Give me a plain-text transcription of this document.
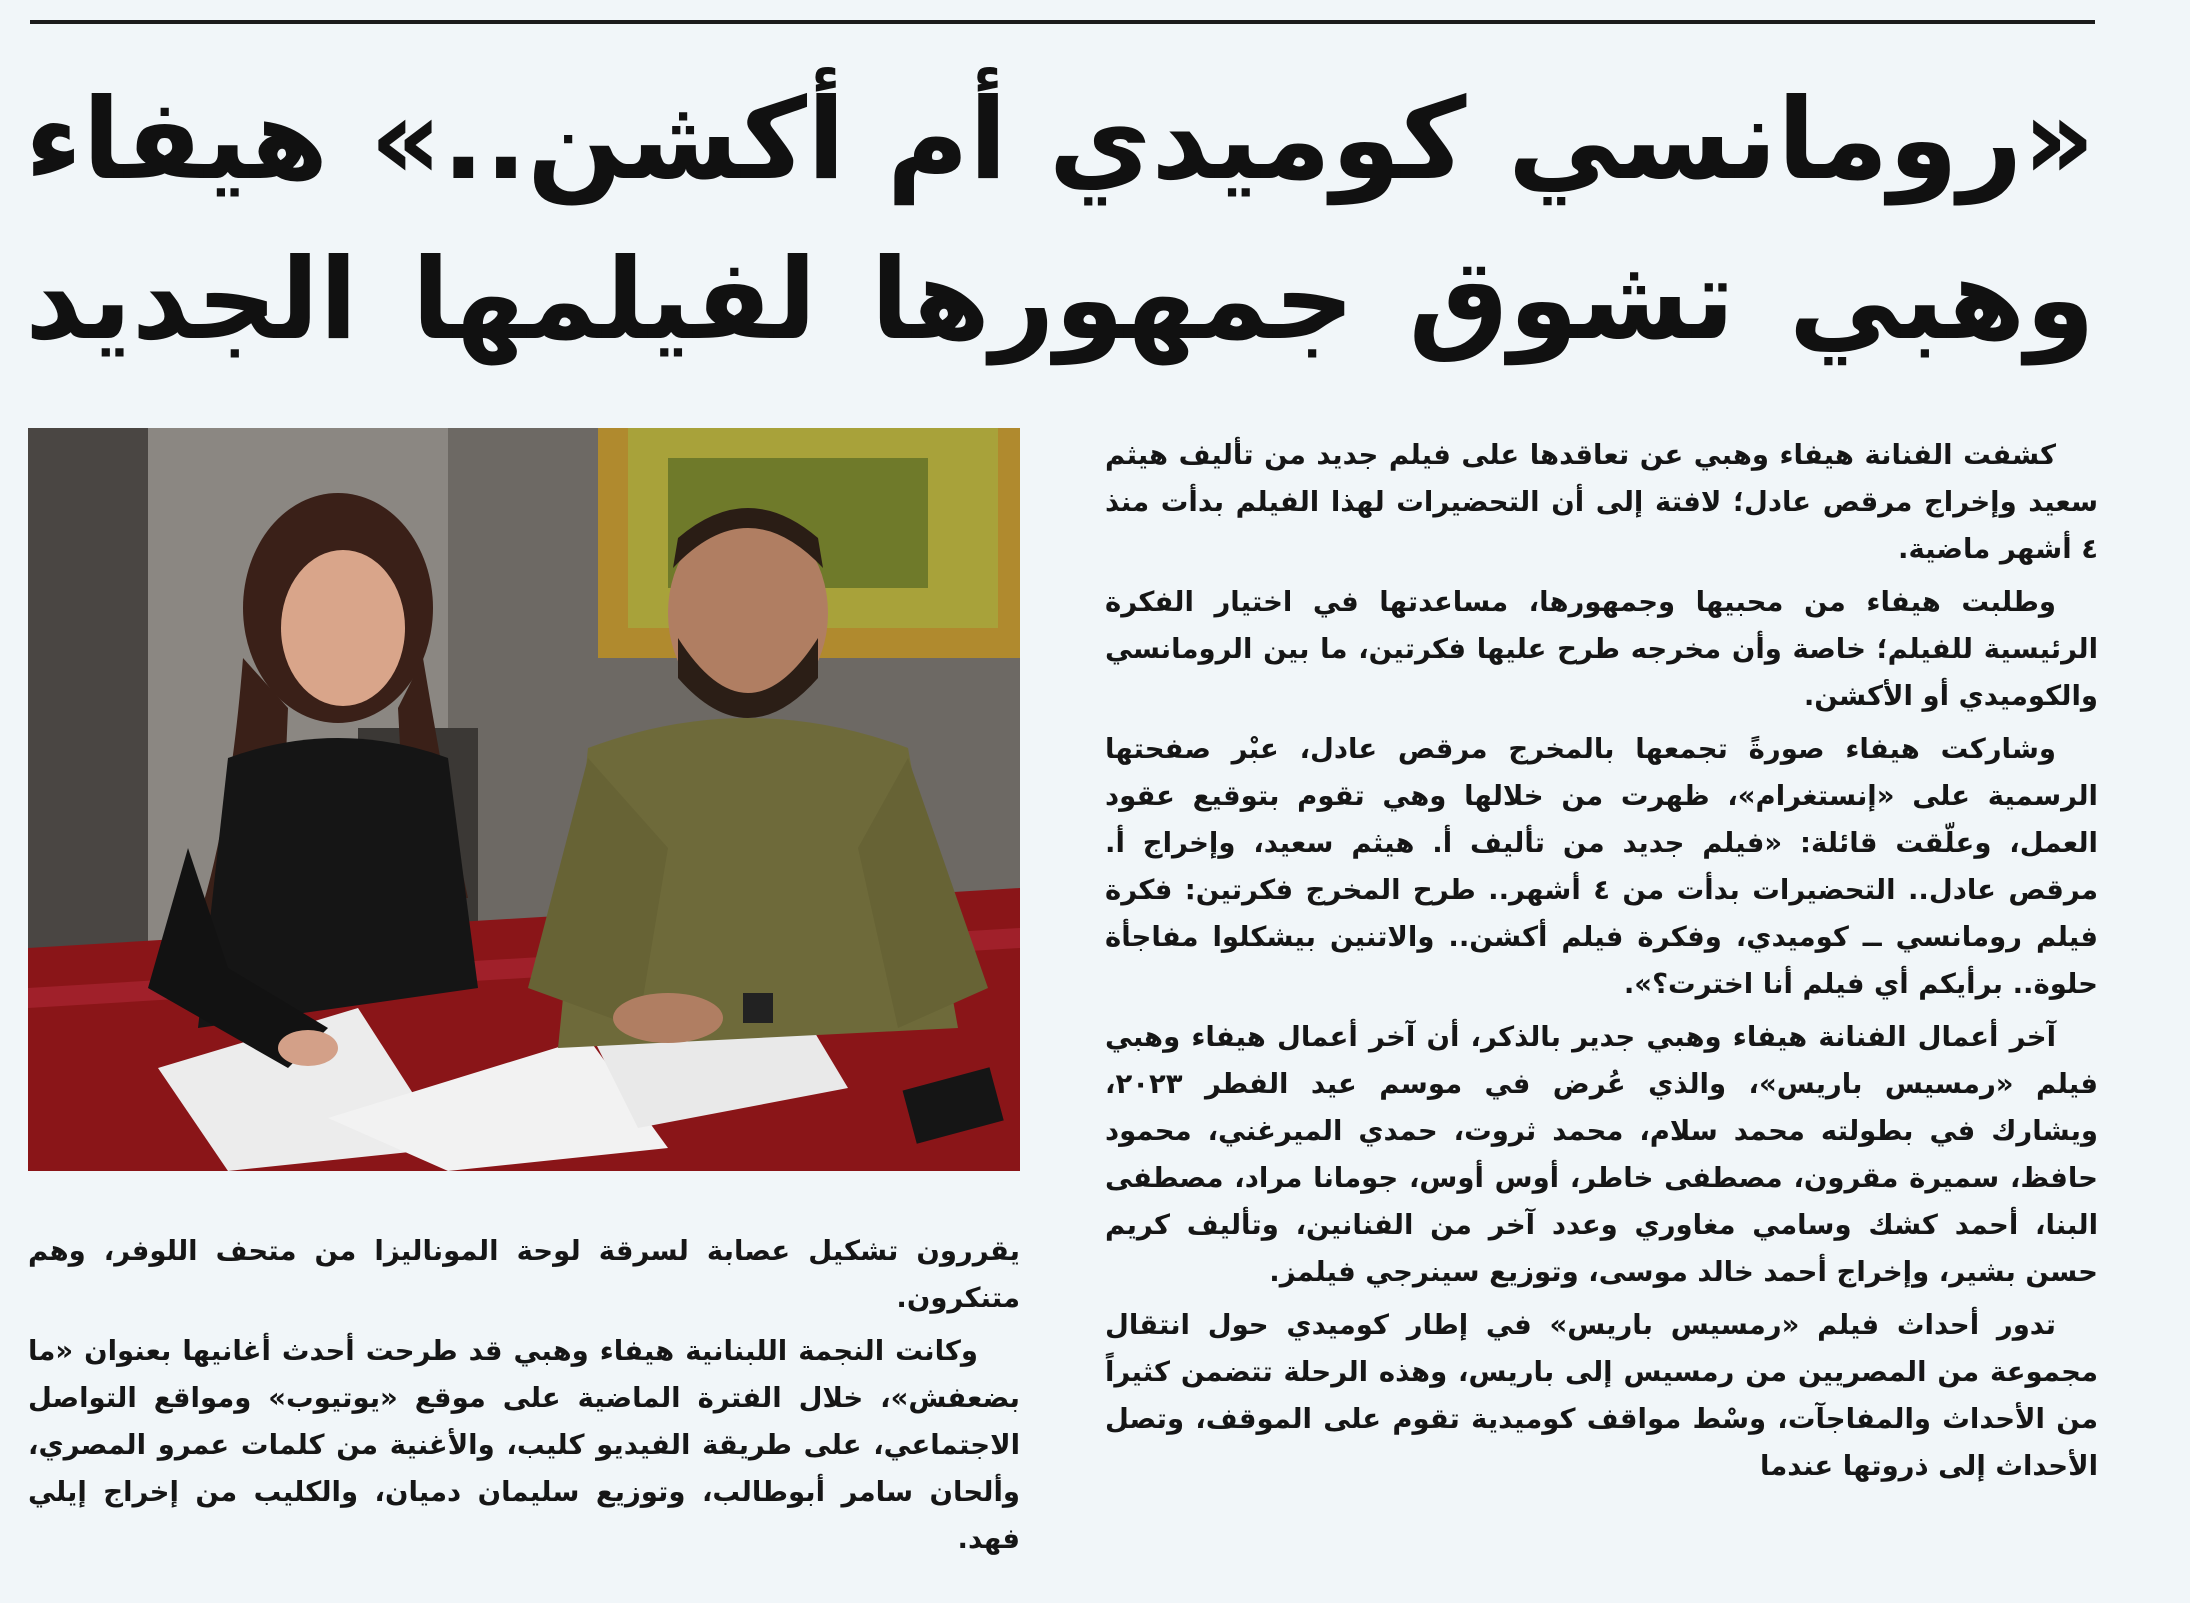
«رومانسي كوميدي أم أكشن..» هيفاء
وهبي تشوق جمهورها لفيلمها الجديد

كشفت الفنانة هيفاء وهبي عن تعاقدها على فيلم جديد من تأليف هيثم سعيد وإخراج مرقص عادل؛ لافتة إلى أن التحضيرات لهذا الفيلم بدأت منذ ٤ أشهر ماضية.

وطلبت هيفاء من محبيها وجمهورها، مساعدتها في اختيار الفكرة الرئيسية للفيلم؛ خاصة وأن مخرجه طرح عليها فكرتين، ما بين الرومانسي والكوميدي أو الأكشن.

وشاركت هيفاء صورةً تجمعها بالمخرج مرقص عادل، عبْر صفحتها الرسمية على «إنستغرام»، ظهرت من خلالها وهي تقوم بتوقيع عقود العمل، وعلّقت قائلة: «فيلم جديد من تأليف أ. هيثم سعيد، وإخراج أ. مرقص عادل.. التحضيرات بدأت من ٤ أشهر.. طرح المخرج فكرتين: فكرة فيلم رومانسي ــ كوميدي، وفكرة فيلم أكشن.. والاتنين بيشكلوا مفاجأة حلوة.. برأيكم أي فيلم أنا اخترت؟».

آخر أعمال الفنانة هيفاء وهبي جدير بالذكر، أن آخر أعمال هيفاء وهبي فيلم «رمسيس باريس»، والذي عُرض في موسم عيد الفطر ٢٠٢٣، ويشارك في بطولته محمد سلام، محمد ثروت، حمدي الميرغني، محمود حافظ، سميرة مقرون، مصطفى خاطر، أوس أوس، جومانا مراد، مصطفى البنا، أحمد كشك وسامي مغاوري وعدد آخر من الفنانين، وتأليف كريم حسن بشير، وإخراج أحمد خالد موسى، وتوزيع سينرجي فيلمز.

تدور أحداث فيلم «رمسيس باريس» في إطار كوميدي حول انتقال مجموعة من المصريين من رمسيس إلى باريس، وهذه الرحلة تتضمن كثيراً من الأحداث والمفاجآت، وسْط مواقف كوميدية تقوم على الموقف، وتصل الأحداث إلى ذروتها عندما

يقررون تشكيل عصابة لسرقة لوحة الموناليزا من متحف اللوفر، وهم متنكرون.

وكانت النجمة اللبنانية هيفاء وهبي قد طرحت أحدث أغانيها بعنوان «ما بضعفش»، خلال الفترة الماضية على موقع «يوتيوب» ومواقع التواصل الاجتماعي، على طريقة الفيديو كليب، والأغنية من كلمات عمرو المصري، وألحان سامر أبوطالب، وتوزيع سليمان دميان، والكليب من إخراج إيلي فهد.
